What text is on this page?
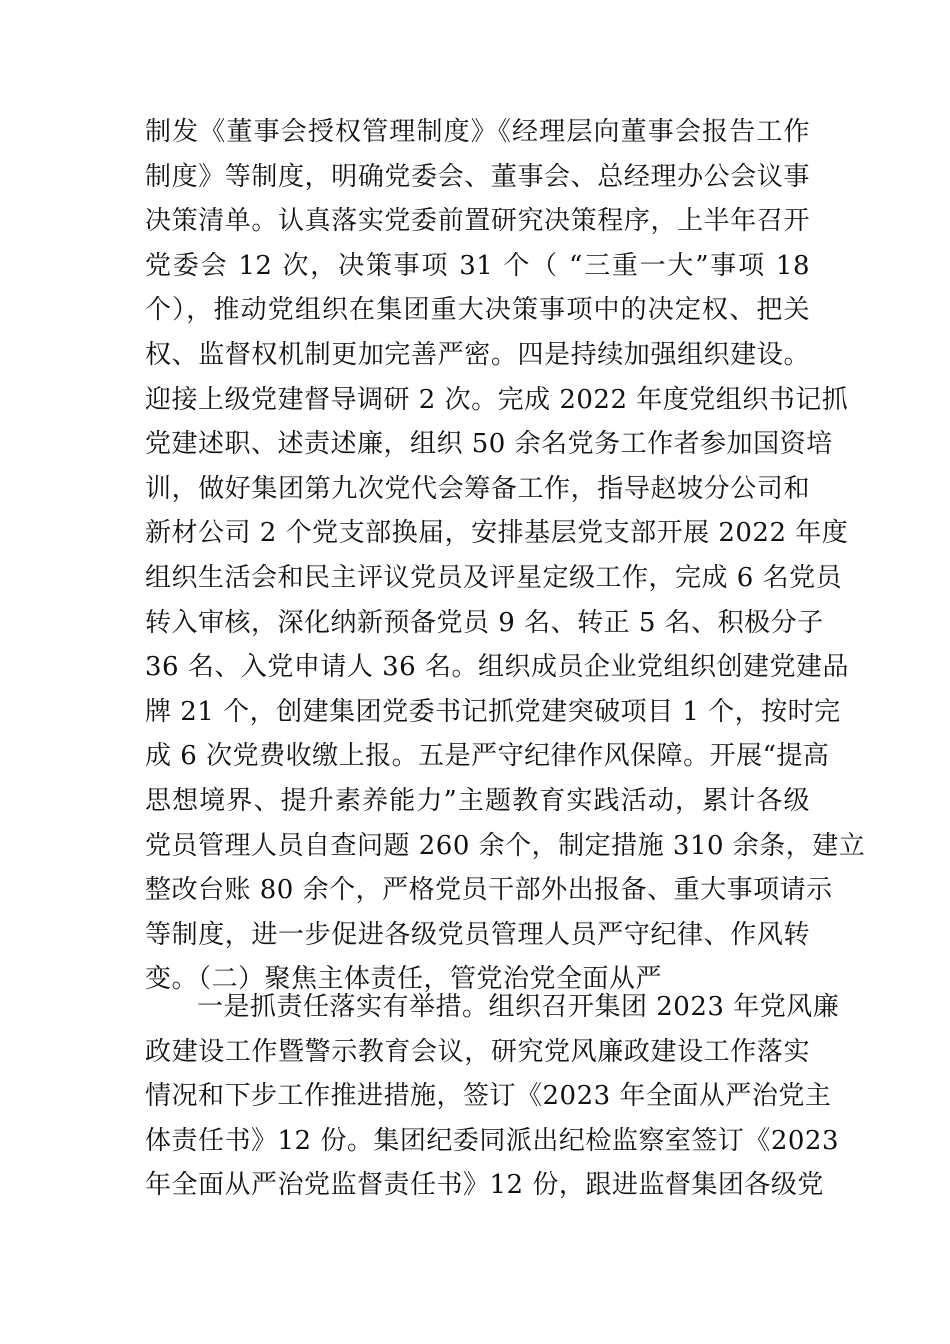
制发《董事会授权管理制度》《经理层向董事会报告工作
制度》等制度，明确党委会、董事会、总经理办公会议事
决策清单。认真落实党委前置研究决策程序，上半年召开
党委会 12 次，决策事项 31 个（ “三重一大”事项 18
个），推动党组织在集团重大决策事项中的决定权、把关
权、监督权机制更加完善严密。四是持续加强组织建设。
迎接上级党建督导调研 2 次。完成 2022 年度党组织书记抓
党建述职、述责述廉，组织 50 余名党务工作者参加国资培
训，做好集团第九次党代会筹备工作，指导赵坡分公司和
新材公司 2 个党支部换届，安排基层党支部开展 2022 年度
组织生活会和民主评议党员及评星定级工作，完成 6 名党员
转入审核，深化纳新预备党员 9 名、转正 5 名、积极分子
36 名、入党申请人 36 名。组织成员企业党组织创建党建品
牌 21 个，创建集团党委书记抓党建突破项目 1 个，按时完
成 6 次党费收缴上报。五是严守纪律作风保障。开展“提高
思想境界、提升素养能力”主题教育实践活动，累计各级
党员管理人员自查问题 260 余个，制定措施 310 余条，建立
整改台账 80 余个，严格党员干部外出报备、重大事项请示
等制度，进一步促进各级党员管理人员严守纪律、作风转
变。（二）聚焦主体责任，管党治党全面从严
一是抓责任落实有举措。组织召开集团 2023 年党风廉
政建设工作暨警示教育会议，研究党风廉政建设工作落实
情况和下步工作推进措施，签订《2023 年全面从严治党主
体责任书》12 份。集团纪委同派出纪检监察室签订《2023
年全面从严治党监督责任书》12 份，跟进监督集团各级党
